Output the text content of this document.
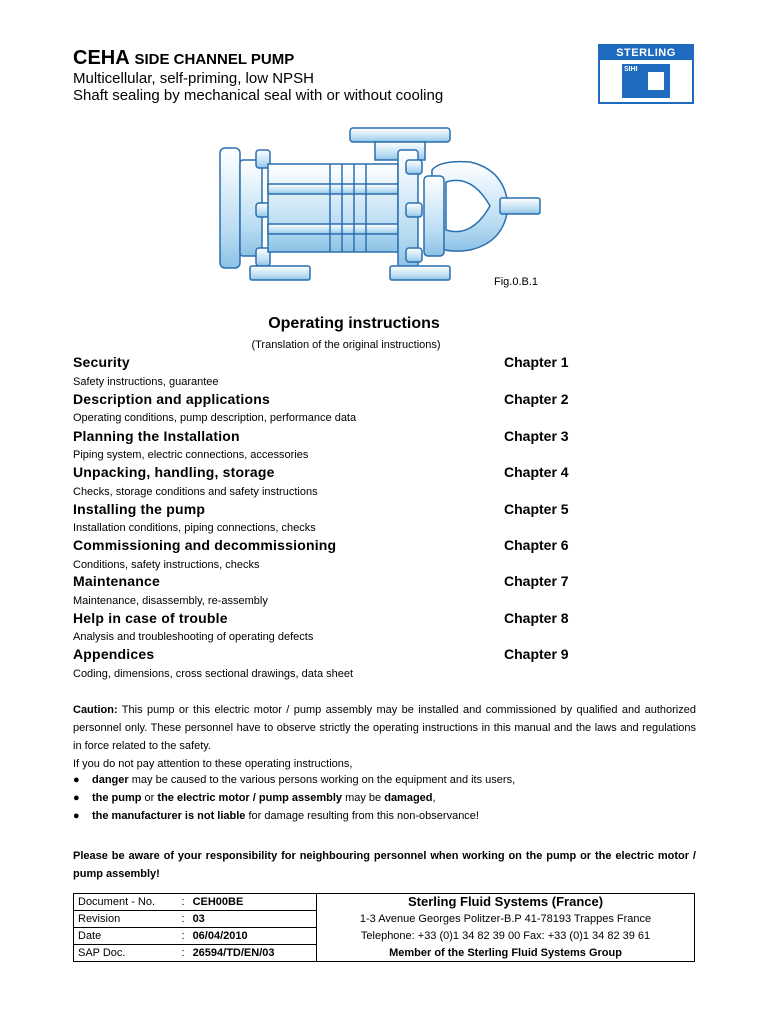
CEHA SIDE CHANNEL PUMP
Multicellular, self-priming, low NPSH
Shaft sealing by mechanical seal with or without cooling
STERLING
SIHI
Fig.0.B.1
Operating instructions
(Translation of the original instructions)
Security	Chapter 1
Safety instructions, guarantee
Description and applications	Chapter 2
Operating conditions, pump description, performance data
Planning the Installation	Chapter 3
Piping system, electric connections, accessories
Unpacking, handling, storage	Chapter 4
Checks, storage conditions and safety instructions
Installing the pump	Chapter 5
Installation conditions, piping connections, checks
Commissioning and decommissioning	Chapter 6
Conditions, safety instructions, checks
Maintenance	Chapter 7
Maintenance, disassembly, re-assembly
Help in case of trouble	Chapter 8
Analysis and troubleshooting of operating defects
Appendices	Chapter 9
Coding, dimensions, cross sectional drawings, data sheet
Caution: This pump or this electric motor / pump assembly may be installed and commissioned by qualified and authorized personnel only. These personnel have to observe strictly the operating instructions in this manual and the laws and regulations in force related to the safety.
If you do not pay attention to these operating instructions,
● danger may be caused to the various persons working on the equipment and its users,
● the pump or the electric motor / pump assembly may be damaged,
● the manufacturer is not liable for damage resulting from this non-observance!
Please be aware of your responsibility for neighbouring personnel when working on the pump or the electric motor / pump assembly!
Document - No.	:	CEH00BE	Sterling Fluid Systems (France)
Revision	:	03	1-3 Avenue Georges Politzer-B.P 41-78193 Trappes France
Date	:	06/04/2010	Telephone: +33 (0)1 34 82 39 00 Fax: +33 (0)1 34 82 39 61
SAP Doc.	:	26594/TD/EN/03	Member of the Sterling Fluid Systems Group
